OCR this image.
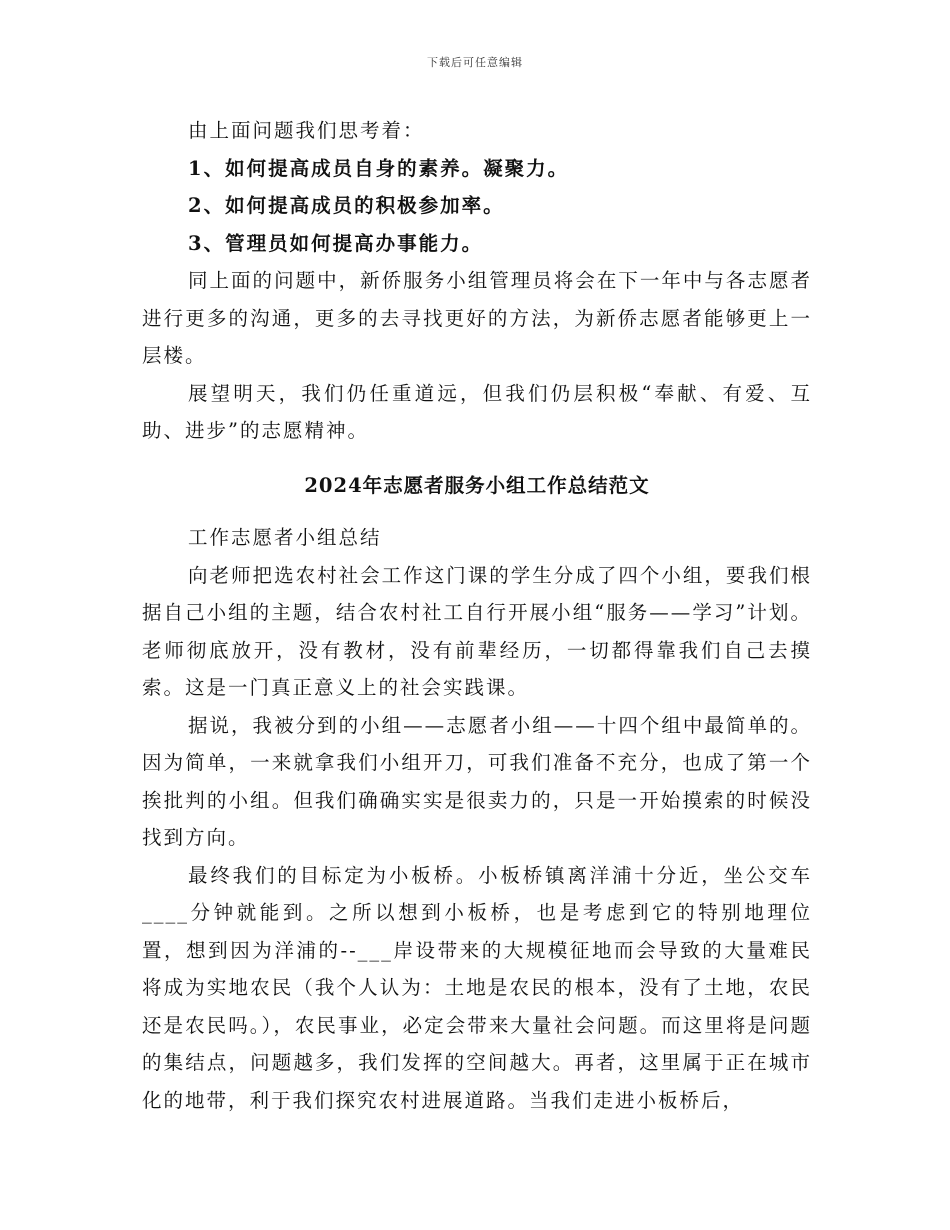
下载后可任意编辑

由上面问题我们思考着：

1、如何提高成员自身的素养。凝聚力。

2、如何提高成员的积极参加率。

3、管理员如何提高办事能力。

同上面的问题中，新侨服务小组管理员将会在下一年中与各志愿者进行更多的沟通，更多的去寻找更好的方法，为新侨志愿者能够更上一层楼。

展望明天，我们仍任重道远，但我们仍层积极“奉献、有爱、互助、进步”的志愿精神。

2024年志愿者服务小组工作总结范文

工作志愿者小组总结

向老师把选农村社会工作这门课的学生分成了四个小组，要我们根据自己小组的主题，结合农村社工自行开展小组“服务——学习”计划。老师彻底放开，没有教材，没有前辈经历，一切都得靠我们自己去摸索。这是一门真正意义上的社会实践课。

据说，我被分到的小组——志愿者小组——十四个组中最简单的。因为简单，一来就拿我们小组开刀，可我们准备不充分，也成了第一个挨批判的小组。但我们确确实实是很卖力的，只是一开始摸索的时候没找到方向。

最终我们的目标定为小板桥。小板桥镇离洋浦十分近，坐公交车____分钟就能到。之所以想到小板桥，也是考虑到它的特别地理位置，想到因为洋浦的--___岸设带来的大规模征地而会导致的大量难民将成为实地农民（我个人认为：土地是农民的根本，没有了土地，农民还是农民吗。），农民事业，必定会带来大量社会问题。而这里将是问题的集结点，问题越多，我们发挥的空间越大。再者，这里属于正在城市化的地带，利于我们探究农村进展道路。当我们走进小板桥后，
